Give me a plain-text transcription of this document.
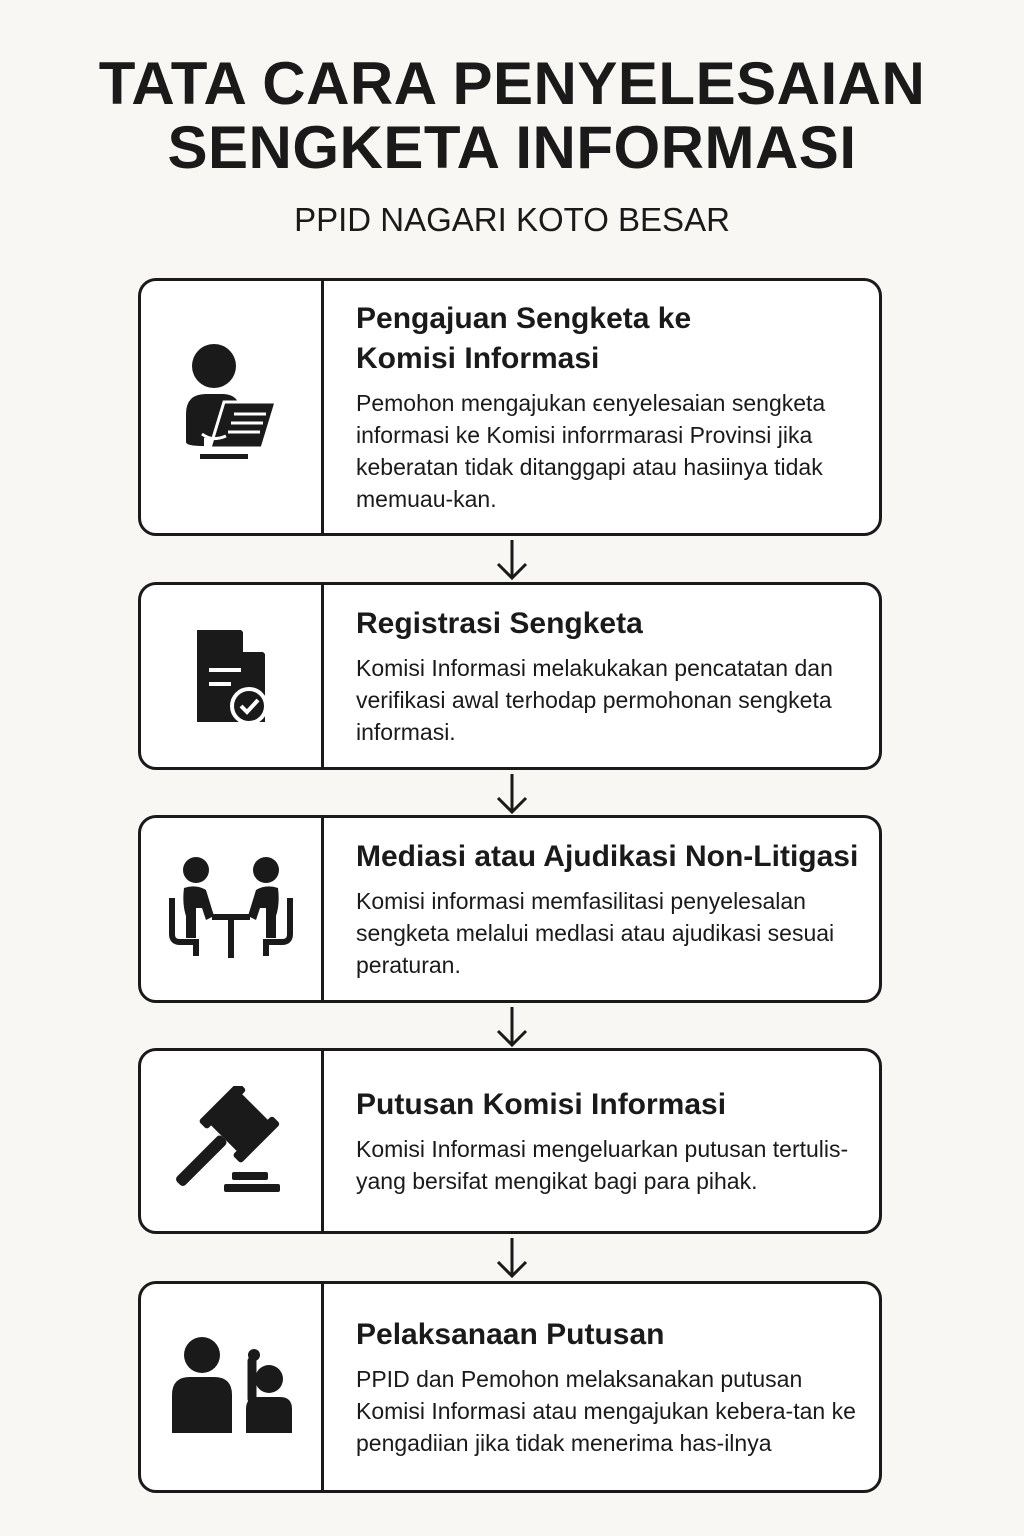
TATA CARA PENYELESAIAN
SENGKETA INFORMASI
PPID NAGARI KOTO BESAR
Pengajuan Sengketa ke
Komisi Informasi
Pemohon mengajukan ϵenyelesaian sengketa informasi ke Komisi inforrmarasi Provinsi jika keberatan tidak ditanggapi atau hasiinya tidak memuau-kan.
Registrasi Sengketa
Komisi Informasi melakukakan pencatatan dan verifikasi awal terhodap permohonan sengketa informasi.
Mediasi atau Ajudikasi Non-Litigasi
Komisi informasi memfasilitasi penyelesalan sengketa melalui medlasi atau ajudikasi sesuai peraturan.
Putusan Komisi Informasi
Komisi Informasi mengeluarkan putusan tertulis-yang bersifat mengikat bagi para pihak.
Pelaksanaan Putusan
PPID dan Pemohon melaksanakan putusan Komisi Informasi atau mengajukan kebera-tan ke pengadiian jika tidak menerima has-ilnya
